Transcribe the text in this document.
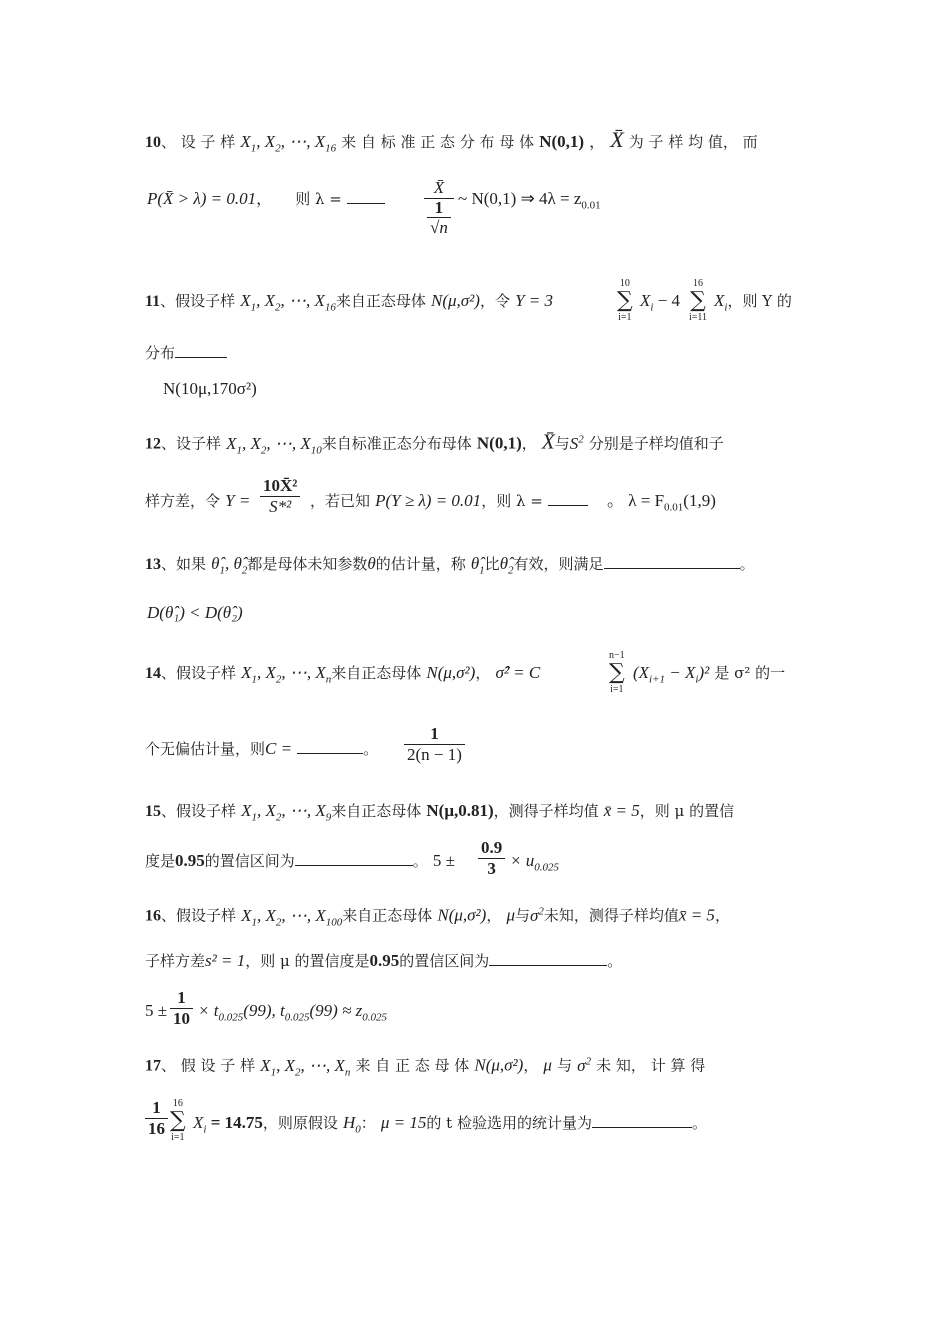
10、 设 子 样 $X_1$, $X_2$, ⋯, $X_{16}$ 来 自 标 准 正 态 分 布 母 体 N(0,1) ， X̄ 为 子 样 均 值， 而
P(X̄ > λ) = 0.01， 则 λ =	$\frac{X̄}{\frac{1}{√n}}$ ~ N(0,1) ⇒ $4\lambda = z_{0.01}$
11、假设子样 $X_1$, $X_2$, ⋯, $X_{16}$来自正态母体 N(μ,σ²)，令 Y = 3
10
∑
i=1
$X_i - 4$
16
∑
i=11
$X_i$，则 Y 的
分布
N(10μ,170σ²)
12、设子样 $X_1$, $X_2$, ⋯, $X_{10}$来自标准正态分布母体 N(0,1)， X̄与$S^2$ 分别是子样均值和子
样方差，令 $Y = \frac{\text{10X̄²}}{\text{S*²}}$ ，若已知 P(Y ≥ λ) = 0.01，则 λ =	。 $\lambda = F_{0.01}(1,9)$
13、如果 $\thetâ_1$, $\thetâ_2$都是母体未知参数θ的估计量，称 $\thetâ_1$比$\thetâ_2$有效，则满足	。
D(θ̂₁) < D(θ̂₂)
14、假设子样 $X_1$, $X_2$, ⋯, $X_n$来自正态母体 N(μ,σ²)， σ̂² = C
n−1
∑
i=1
$(X_{i+1} - X_i)^2$ 是 σ² 的一
个无偏估计量，则C =	。 $\frac{1}{2(n - 1)}$
15、假设子样 $X_1$, $X_2$, ⋯, $X_9$来自正态母体 N(μ,0.81)，测得子样均值 x̄ = 5，则 μ 的置信
度是0.95的置信区间为	。 $5 \pm \frac{0.9}{3} \times u_{0.025}$
16、假设子样 $X_1$, $X_2$, ⋯, $X_{100}$来自正态母体 N(μ,σ²)， μ与$\sigma^2$未知，测得子样均值x̄ = 5，
子样方差s² = 1，则 μ 的置信度是0.95的置信区间为	。
$5 \pm \frac{1}{10} \times t_{0.025}(99)$, $t_{0.025}(99) \approx z_{0.025}$
17、 假 设 子 样 $X_1$, $X_2$, ⋯, $X_n$ 来 自 正 态 母 体 N(μ,σ²)， μ 与 $\sigma^2$ 未 知， 计 算 得
$\frac{1}{16} 16$
∑
i=1
$X_i = 14.75$，则原假设 $H_0$： μ = 15的 t 检验选用的统计量为	。
